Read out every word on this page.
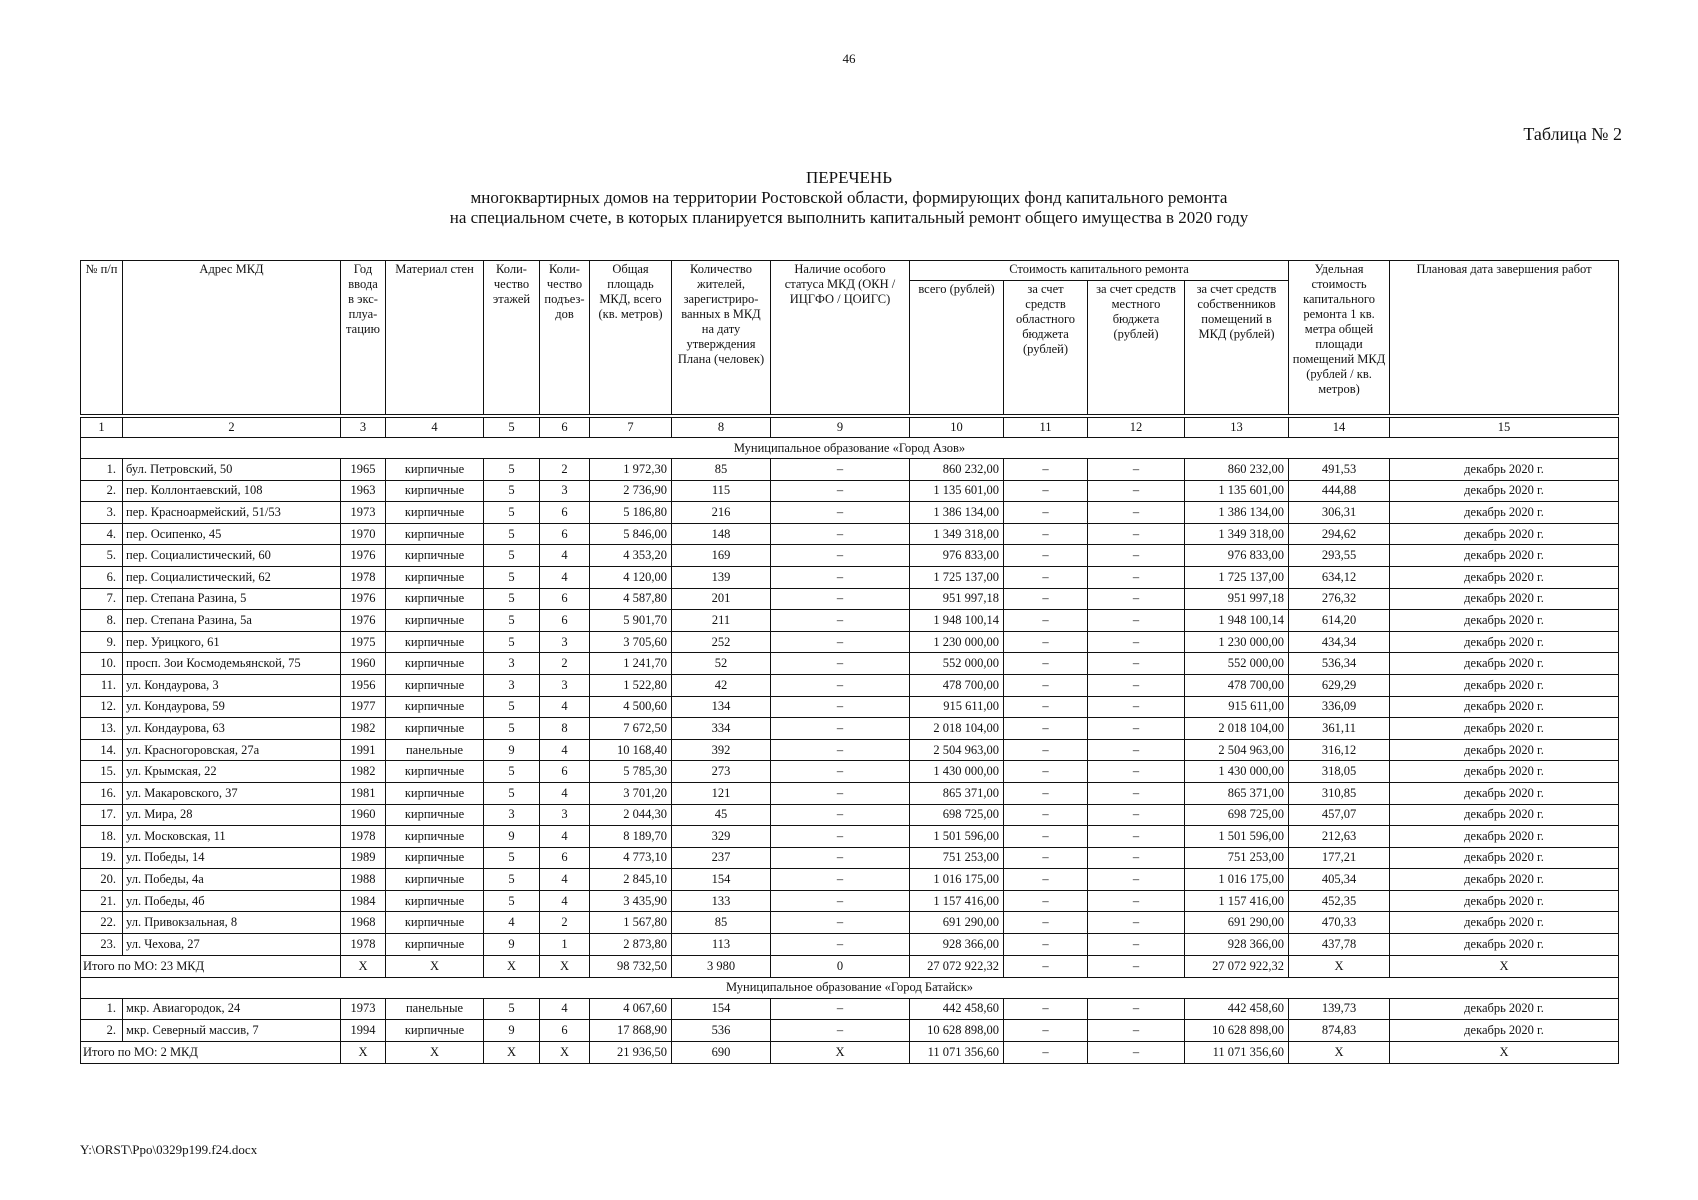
46
Таблица № 2
ПЕРЕЧЕНЬ
многоквартирных домов на территории Ростовской области, формирующих фонд капитального ремонта
на специальном счете, в которых планируется выполнить капитальный ремонт общего имущества в 2020 году
№ п/п	Адрес МКД	Год ввода в экс-плуа-тацию	Материал стен	Коли-чество этажей	Коли-чество подъез-дов	Общая площадь МКД, всего (кв. метров)	Количество жителей, зарегистриро-ванных в МКД на дату утверждения Плана (человек)	Наличие особого статуса МКД (ОКН / ИЦГФО / ЦОИГС)	Стоимость капитального ремонта				Удельная стоимость капитального ремонта 1 кв. метра общей площади помещений МКД (рублей / кв. метров)	Плановая дата завершения работ
									всего (рублей)	за счет средств областного бюджета (рублей)	за счет средств местного бюджета (рублей)	за счет средств собственников помещений в МКД (рублей)		

1	2	3	4	5	6	7	8	9	10	11	12	13	14	15
Муниципальное образование «Город Азов»														
1.	бул. Петровский, 50	1965	кирпичные	5	2	1 972,30	85	–	860 232,00	–	–	860 232,00	491,53	декабрь 2020 г.
2.	пер. Коллонтаевский, 108	1963	кирпичные	5	3	2 736,90	115	–	1 135 601,00	–	–	1 135 601,00	444,88	декабрь 2020 г.
3.	пер. Красноармейский, 51/53	1973	кирпичные	5	6	5 186,80	216	–	1 386 134,00	–	–	1 386 134,00	306,31	декабрь 2020 г.
4.	пер. Осипенко, 45	1970	кирпичные	5	6	5 846,00	148	–	1 349 318,00	–	–	1 349 318,00	294,62	декабрь 2020 г.
5.	пер. Социалистический, 60	1976	кирпичные	5	4	4 353,20	169	–	976 833,00	–	–	976 833,00	293,55	декабрь 2020 г.
6.	пер. Социалистический, 62	1978	кирпичные	5	4	4 120,00	139	–	1 725 137,00	–	–	1 725 137,00	634,12	декабрь 2020 г.
7.	пер. Степана Разина, 5	1976	кирпичные	5	6	4 587,80	201	–	951 997,18	–	–	951 997,18	276,32	декабрь 2020 г.
8.	пер. Степана Разина, 5а	1976	кирпичные	5	6	5 901,70	211	–	1 948 100,14	–	–	1 948 100,14	614,20	декабрь 2020 г.
9.	пер. Урицкого, 61	1975	кирпичные	5	3	3 705,60	252	–	1 230 000,00	–	–	1 230 000,00	434,34	декабрь 2020 г.
10.	просп. Зои Космодемьянской, 75	1960	кирпичные	3	2	1 241,70	52	–	552 000,00	–	–	552 000,00	536,34	декабрь 2020 г.
11.	ул. Кондаурова, 3	1956	кирпичные	3	3	1 522,80	42	–	478 700,00	–	–	478 700,00	629,29	декабрь 2020 г.
12.	ул. Кондаурова, 59	1977	кирпичные	5	4	4 500,60	134	–	915 611,00	–	–	915 611,00	336,09	декабрь 2020 г.
13.	ул. Кондаурова, 63	1982	кирпичные	5	8	7 672,50	334	–	2 018 104,00	–	–	2 018 104,00	361,11	декабрь 2020 г.
14.	ул. Красногоровская, 27а	1991	панельные	9	4	10 168,40	392	–	2 504 963,00	–	–	2 504 963,00	316,12	декабрь 2020 г.
15.	ул. Крымская, 22	1982	кирпичные	5	6	5 785,30	273	–	1 430 000,00	–	–	1 430 000,00	318,05	декабрь 2020 г.
16.	ул. Макаровского, 37	1981	кирпичные	5	4	3 701,20	121	–	865 371,00	–	–	865 371,00	310,85	декабрь 2020 г.
17.	ул. Мира, 28	1960	кирпичные	3	3	2 044,30	45	–	698 725,00	–	–	698 725,00	457,07	декабрь 2020 г.
18.	ул. Московская, 11	1978	кирпичные	9	4	8 189,70	329	–	1 501 596,00	–	–	1 501 596,00	212,63	декабрь 2020 г.
19.	ул. Победы, 14	1989	кирпичные	5	6	4 773,10	237	–	751 253,00	–	–	751 253,00	177,21	декабрь 2020 г.
20.	ул. Победы, 4а	1988	кирпичные	5	4	2 845,10	154	–	1 016 175,00	–	–	1 016 175,00	405,34	декабрь 2020 г.
21.	ул. Победы, 4б	1984	кирпичные	5	4	3 435,90	133	–	1 157 416,00	–	–	1 157 416,00	452,35	декабрь 2020 г.
22.	ул. Привокзальная, 8	1968	кирпичные	4	2	1 567,80	85	–	691 290,00	–	–	691 290,00	470,33	декабрь 2020 г.
23.	ул. Чехова, 27	1978	кирпичные	9	1	2 873,80	113	–	928 366,00	–	–	928 366,00	437,78	декабрь 2020 г.
Итого по МО: 23 МКД		X	X	X	X	98 732,50	3 980	0	27 072 922,32	–	–	27 072 922,32	X	X
Муниципальное образование «Город Батайск»														
1.	мкр. Авиагородок, 24	1973	панельные	5	4	4 067,60	154	–	442 458,60	–	–	442 458,60	139,73	декабрь 2020 г.
2.	мкр. Северный массив, 7	1994	кирпичные	9	6	17 868,90	536	–	10 628 898,00	–	–	10 628 898,00	874,83	декабрь 2020 г.
Итого по МО: 2 МКД		X	X	X	X	21 936,50	690	X	11 071 356,60	–	–	11 071 356,60	X	X
Y:\ORST\Ppo\0329p199.f24.docx
